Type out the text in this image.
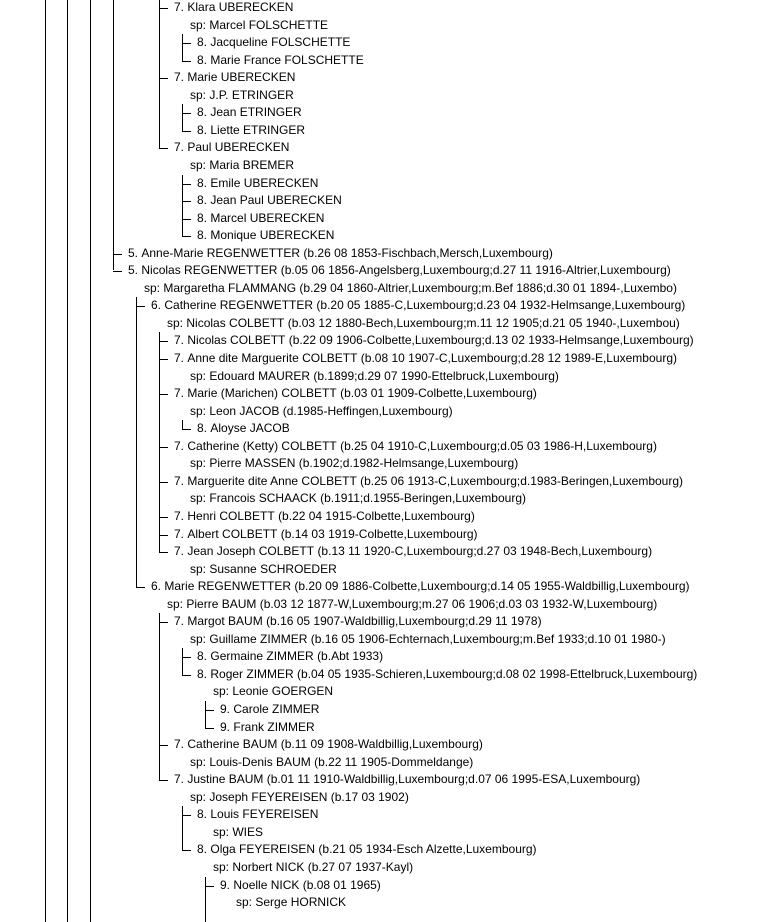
7. Klara UBERECKEN
sp: Marcel FOLSCHETTE
8. Jacqueline FOLSCHETTE
8. Marie France FOLSCHETTE
7. Marie UBERECKEN
sp: J.P. ETRINGER
8. Jean ETRINGER
8. Liette ETRINGER
7. Paul UBERECKEN
sp: Maria BREMER
8. Emile UBERECKEN
8. Jean Paul UBERECKEN
8. Marcel UBERECKEN
8. Monique UBERECKEN
5. Anne-Marie REGENWETTER (b.26 08 1853-Fischbach,Mersch,Luxembourg)
5. Nicolas REGENWETTER (b.05 06 1856-Angelsberg,Luxembourg;d.27 11 1916-Altrier,Luxembourg)
sp: Margaretha FLAMMANG (b.29 04 1860-Altrier,Luxembourg;m.Bef 1886;d.30 01 1894-,Luxembo)
6. Catherine REGENWETTER (b.20 05 1885-C,Luxembourg;d.23 04 1932-Helmsange,Luxembourg)
sp: Nicolas COLBETT (b.03 12 1880-Bech,Luxembourg;m.11 12 1905;d.21 05 1940-,Luxembou)
7. Nicolas COLBETT (b.22 09 1906-Colbette,Luxembourg;d.13 02 1933-Helmsange,Luxembourg)
7. Anne dite Marguerite COLBETT (b.08 10 1907-C,Luxembourg;d.28 12 1989-E,Luxembourg)
sp: Edouard MAURER (b.1899;d.29 07 1990-Ettelbruck,Luxembourg)
7. Marie (Marichen) COLBETT (b.03 01 1909-Colbette,Luxembourg)
sp: Leon JACOB (d.1985-Heffingen,Luxembourg)
8. Aloyse JACOB
7. Catherine (Ketty) COLBETT (b.25 04 1910-C,Luxembourg;d.05 03 1986-H,Luxembourg)
sp: Pierre MASSEN (b.1902;d.1982-Helmsange,Luxembourg)
7. Marguerite dite Anne COLBETT (b.25 06 1913-C,Luxembourg;d.1983-Beringen,Luxembourg)
sp: Francois SCHAACK (b.1911;d.1955-Beringen,Luxembourg)
7. Henri COLBETT (b.22 04 1915-Colbette,Luxembourg)
7. Albert COLBETT (b.14 03 1919-Colbette,Luxembourg)
7. Jean Joseph COLBETT (b.13 11 1920-C,Luxembourg;d.27 03 1948-Bech,Luxembourg)
sp: Susanne SCHROEDER
6. Marie REGENWETTER (b.20 09 1886-Colbette,Luxembourg;d.14 05 1955-Waldbillig,Luxembourg)
sp: Pierre BAUM (b.03 12 1877-W,Luxembourg;m.27 06 1906;d.03 03 1932-W,Luxembourg)
7. Margot BAUM (b.16 05 1907-Waldbillig,Luxembourg;d.29 11 1978)
sp: Guillame ZIMMER (b.16 05 1906-Echternach,Luxembourg;m.Bef 1933;d.10 01 1980-)
8. Germaine ZIMMER (b.Abt 1933)
8. Roger ZIMMER (b.04 05 1935-Schieren,Luxembourg;d.08 02 1998-Ettelbruck,Luxembourg)
sp: Leonie GOERGEN
9. Carole ZIMMER
9. Frank ZIMMER
7. Catherine BAUM (b.11 09 1908-Waldbillig,Luxembourg)
sp: Louis-Denis BAUM (b.22 11 1905-Dommeldange)
7. Justine BAUM (b.01 11 1910-Waldbillig,Luxembourg;d.07 06 1995-ESA,Luxembourg)
sp: Joseph FEYEREISEN (b.17 03 1902)
8. Louis FEYEREISEN
sp: WIES
8. Olga FEYEREISEN (b.21 05 1934-Esch Alzette,Luxembourg)
sp: Norbert NICK (b.27 07 1937-Kayl)
9. Noelle NICK (b.08 01 1965)
sp: Serge HORNICK
